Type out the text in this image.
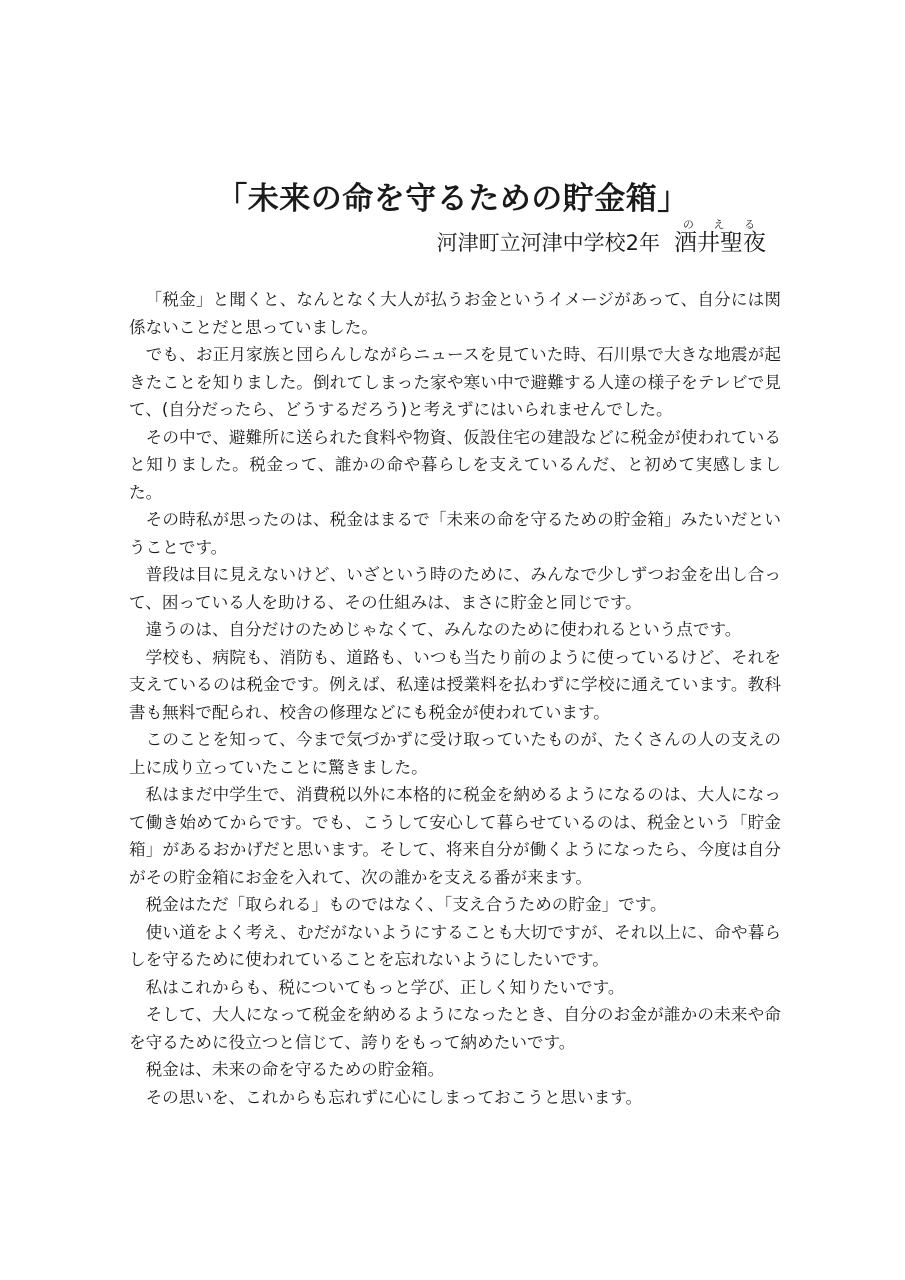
「未来の命を守るための貯金箱」
河津町立河津中学校2年 酒井聖夜のえる

「税金」と聞くと、なんとなく大人が払うお金というイメージがあって、自分には関係ないことだと思っていました。

でも、お正月家族と団らんしながらニュースを見ていた時、石川県で大きな地震が起きたことを知りました。倒れてしまった家や寒い中で避難する人達の様子をテレビで見て、(自分だったら、どうするだろう)と考えずにはいられませんでした。

その中で、避難所に送られた食料や物資、仮設住宅の建設などに税金が使われていると知りました。税金って、誰かの命や暮らしを支えているんだ、と初めて実感しました。

その時私が思ったのは、税金はまるで「未来の命を守るための貯金箱」みたいだということです。

普段は目に見えないけど、いざという時のために、みんなで少しずつお金を出し合って、困っている人を助ける、その仕組みは、まさに貯金と同じです。

違うのは、自分だけのためじゃなくて、みんなのために使われるという点です。

学校も、病院も、消防も、道路も、いつも当たり前のように使っているけど、それを支えているのは税金です。例えば、私達は授業料を払わずに学校に通えています。教科書も無料で配られ、校舎の修理などにも税金が使われています。

このことを知って、今まで気づかずに受け取っていたものが、たくさんの人の支えの上に成り立っていたことに驚きました。

私はまだ中学生で、消費税以外に本格的に税金を納めるようになるのは、大人になって働き始めてからです。でも、こうして安心して暮らせているのは、税金という「貯金箱」があるおかげだと思います。そして、将来自分が働くようになったら、今度は自分がその貯金箱にお金を入れて、次の誰かを支える番が来ます。

税金はただ「取られる」ものではなく、「支え合うための貯金」です。

使い道をよく考え、むだがないようにすることも大切ですが、それ以上に、命や暮らしを守るために使われていることを忘れないようにしたいです。

私はこれからも、税についてもっと学び、正しく知りたいです。

そして、大人になって税金を納めるようになったとき、自分のお金が誰かの未来や命を守るために役立つと信じて、誇りをもって納めたいです。

税金は、未来の命を守るための貯金箱。

その思いを、これからも忘れずに心にしまっておこうと思います。
